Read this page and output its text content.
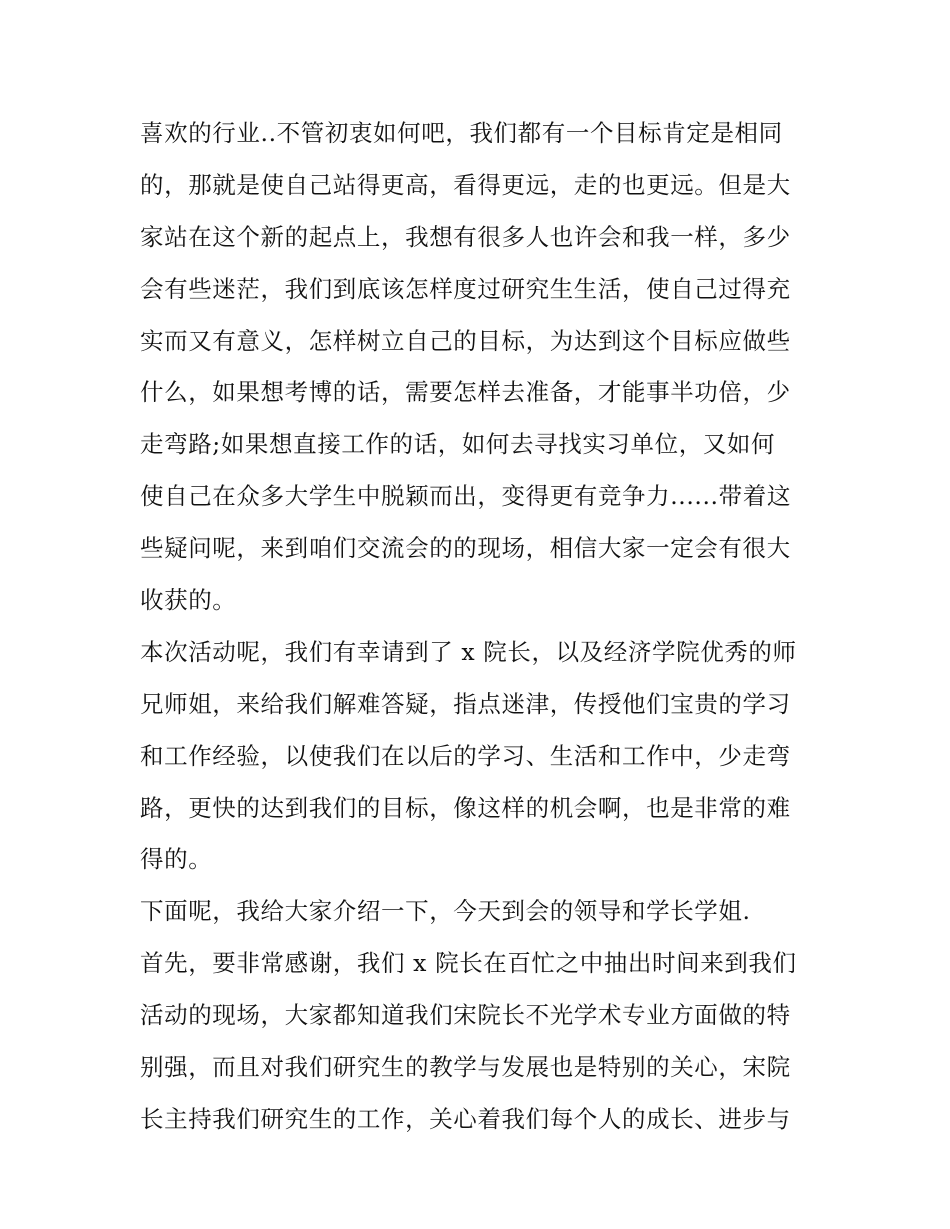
喜欢的行业..不管初衷如何吧，我们都有一个目标肯定是相同
的，那就是使自己站得更高，看得更远，走的也更远。但是大
家站在这个新的起点上，我想有很多人也许会和我一样，多少
会有些迷茫，我们到底该怎样度过研究生生活，使自己过得充
实而又有意义，怎样树立自己的目标，为达到这个目标应做些
什么，如果想考博的话，需要怎样去准备，才能事半功倍，少
走弯路;如果想直接工作的话，如何去寻找实习单位，又如何
使自己在众多大学生中脱颖而出，变得更有竞争力......带着这
些疑问呢，来到咱们交流会的的现场，相信大家一定会有很大
收获的。
本次活动呢，我们有幸请到了 x 院长，以及经济学院优秀的师
兄师姐，来给我们解难答疑，指点迷津，传授他们宝贵的学习
和工作经验，以使我们在以后的学习、生活和工作中，少走弯
路，更快的达到我们的目标，像这样的机会啊，也是非常的难
得的。
下面呢，我给大家介绍一下，今天到会的领导和学长学姐.
首先，要非常感谢，我们 x 院长在百忙之中抽出时间来到我们
活动的现场，大家都知道我们宋院长不光学术专业方面做的特
别强，而且对我们研究生的教学与发展也是特别的关心，宋院
长主持我们研究生的工作，关心着我们每个人的成长、进步与
